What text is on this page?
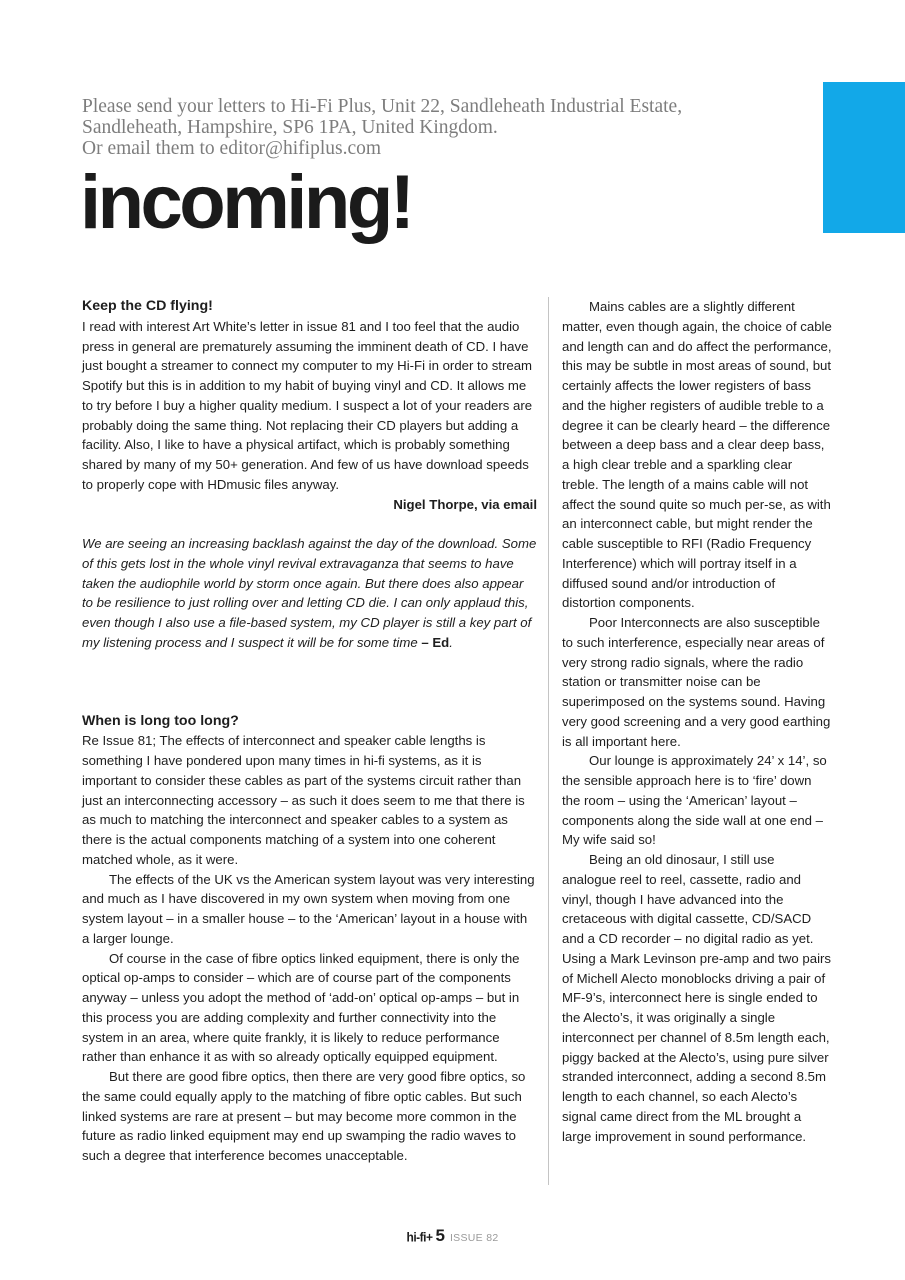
Please send your letters to Hi-Fi Plus, Unit 22, Sandleheath Industrial Estate,
Sandleheath, Hampshire, SP6 1PA, United Kingdom.
Or email them to editor@hifiplus.com
incoming!

Keep the CD flying!

I read with interest Art White’s letter in issue 81 and I too feel that the audio press in general are prematurely assuming the imminent death of CD. I have just bought a streamer to connect my computer to my Hi-Fi in order to stream Spotify but this is in addition to my habit of buying vinyl and CD. It allows me to try before I buy a higher quality medium. I suspect a lot of your readers are probably doing the same thing. Not replacing their CD players but adding a facility. Also, I like to have a physical artifact, which is probably something shared by many of my 50+ generation. And few of us have download speeds to properly cope with HDmusic files anyway.

Nigel Thorpe, via email

We are seeing an increasing backlash against the day of the download. Some of this gets lost in the whole vinyl revival extravaganza that seems to have taken the audiophile world by storm once again. But there does also appear to be resilience to just rolling over and letting CD die. I can only applaud this, even though I also use a file-based system, my CD player is still a key part of my listening process and I suspect it will be for some time – Ed.

When is long too long?

Re Issue 81; The effects of interconnect and speaker cable lengths is something I have pondered upon many times in hi-fi systems, as it is important to consider these cables as part of the systems circuit rather than just an interconnecting accessory – as such it does seem to me that there is as much to matching the interconnect and speaker cables to a system as there is the actual components matching of a system into one coherent matched whole, as it were.

The effects of the UK vs the American system layout was very interesting and much as I have discovered in my own system when moving from one system layout – in a smaller house – to the ‘American’ layout in a house with a larger lounge.

Of course in the case of fibre optics linked equipment, there is only the optical op-amps to consider – which are of course part of the components anyway – unless you adopt the method of ‘add-on’ optical op-amps – but in this process you are adding complexity and further connectivity into the system in an area, where quite frankly, it is likely to reduce performance rather than enhance it as with so already optically equipped equipment.

But there are good fibre optics, then there are very good fibre optics, so the same could equally apply to the matching of fibre optic cables. But such linked systems are rare at present – but may become more common in the future as radio linked equipment may end up swamping the radio waves to such a degree that interference becomes unacceptable.

Mains cables are a slightly different matter, even though again, the choice of cable and length can and do affect the performance, this may be subtle in most areas of sound, but certainly affects the lower registers of bass and the higher registers of audible treble to a degree it can be clearly heard – the difference between a deep bass and a clear deep bass, a high clear treble and a sparkling clear treble. The length of a mains cable will not affect the sound quite so much per-se, as with an interconnect cable, but might render the cable susceptible to RFI (Radio Frequency Interference) which will portray itself in a diffused sound and/or introduction of distortion components.

Poor Interconnects are also susceptible to such interference, especially near areas of very strong radio signals, where the radio station or transmitter noise can be superimposed on the systems sound. Having very good screening and a very good earthing is all important here.

Our lounge is approximately 24’ x 14’, so the sensible approach here is to ‘fire’ down the room – using the ‘American’ layout – components along the side wall at one end – My wife said so!

Being an old dinosaur, I still use analogue reel to reel, cassette, radio and vinyl, though I have advanced into the cretaceous with digital cassette, CD/SACD and a CD recorder – no digital radio as yet. Using a Mark Levinson pre-amp and two pairs of Michell Alecto monoblocks driving a pair of MF-9’s, interconnect here is single ended to the Alecto’s, it was originally a single interconnect per channel of 8.5m length each, piggy backed at the Alecto’s, using pure silver stranded interconnect, adding a second 8.5m length to each channel, so each Alecto’s signal came direct from the ML brought a large improvement in sound performance.

hi-fi+ 5 ISSUE 82
